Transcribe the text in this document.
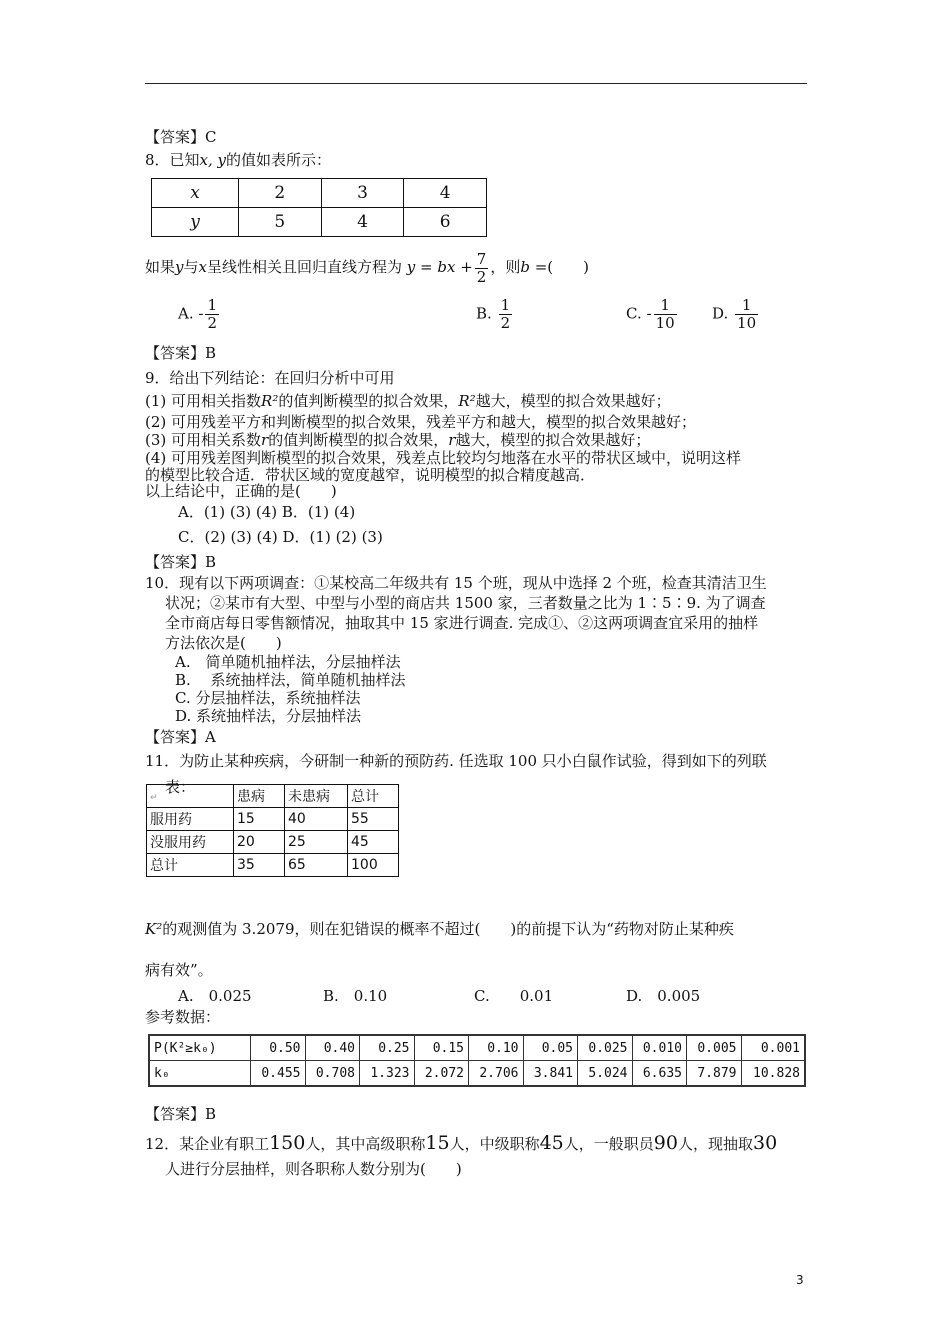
【答案】C
8．已知x, y的值如表所示：
x	2	3	4
y	5	4	6
如果y与x呈线性相关且回归直线方程为 y = bx + $\frac{7}{2}$ ，则b =(　　)
A. - $\frac{1}{2}$	B. $\frac{1}{2}$	C. - $\frac{1}{10} D$. $\frac{1}{10}$
【答案】B
9．给出下列结论：在回归分析中可用
(1) 可用相关指数R²的值判断模型的拟合效果，R²越大，模型的拟合效果越好；
(2) 可用残差平方和判断模型的拟合效果，残差平方和越大，模型的拟合效果越好；
(3) 可用相关系数r的值判断模型的拟合效果，r越大，模型的拟合效果越好；
(4) 可用残差图判断模型的拟合效果，残差点比较均匀地落在水平的带状区域中，说明这样
的模型比较合适．带状区域的宽度越窄，说明模型的拟合精度越高．
以上结论中，正确的是(　　)
A．(1) (3) (4) B．(1) (4)
C．(2) (3) (4) D．(1) (2) (3)
【答案】B
10．现有以下两项调查：①某校高二年级共有 15 个班，现从中选择 2 个班，检查其清洁卫生
状况；②某市有大型、中型与小型的商店共 1500 家，三者数量之比为 1∶5∶9. 为了调查
全市商店每日零售额情况，抽取其中 15 家进行调查. 完成①、②这两项调查宜采用的抽样
方法依次是(　　)
A.　简单随机抽样法，分层抽样法
B.　 系统抽样法，简单随机抽样法
C. 分层抽样法，系统抽样法
D. 系统抽样法，分层抽样法
【答案】A
11．为防止某种疾病，今研制一种新的预防药. 任选取 100 只小白鼠作试验，得到如下的列联
表：
↵	患病	未患病	总计
服用药	15	40	55
没服用药	20	25	45
总计	35	65	100
K²的观测值为 3.2079，则在犯错误的概率不超过(　　)的前提下认为“药物对防止某种疾
病有效”。
A.　0.025	B.　0.10	C.　　0.01	D.　0.005
参考数据：
P(K²≥k₀)	0.50	0.40	0.25	0.15	0.10	0.05	0.025	0.010	0.005	0.001
k₀	0.455	0.708	1.323	2.072	2.706	3.841	5.024	6.635	7.879	10.828
【答案】B
12．某企业有职工150人，其中高级职称15人，中级职称45人，一般职员90人，现抽取30
人进行分层抽样，则各职称人数分别为(　　)
3
